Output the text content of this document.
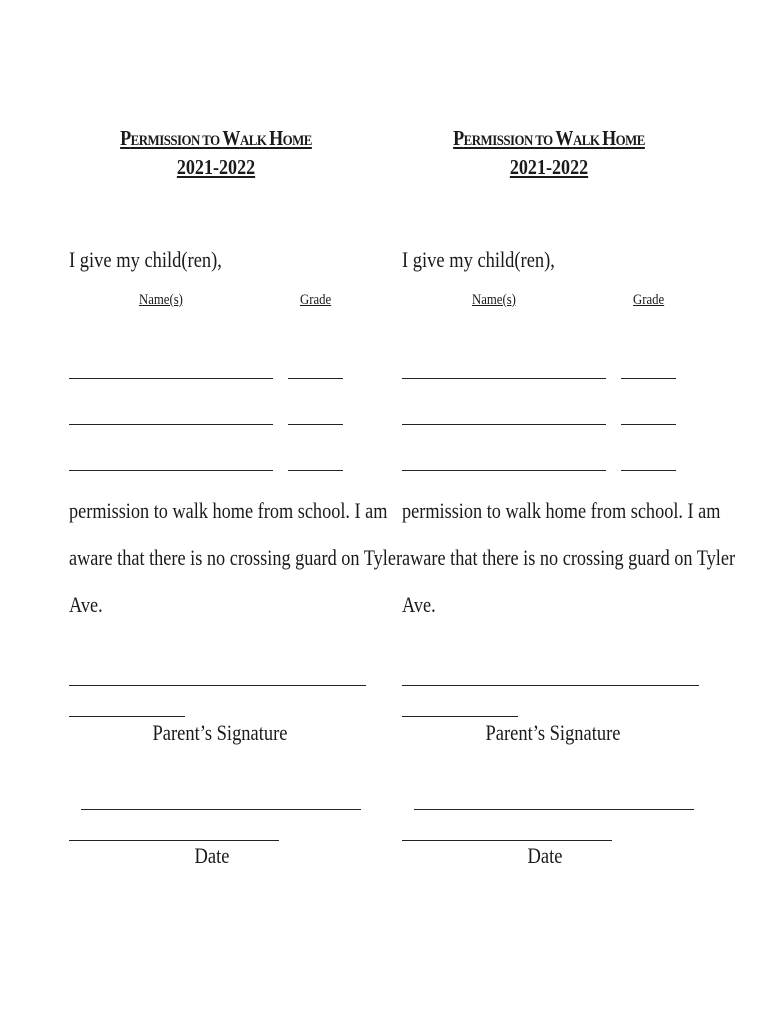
PERMISSION TO WALK HOME
2021-2022
I give my child(ren),
Name(s)	Grade
permission to walk home from school. I am
aware that there is no crossing guard on Tyler
Ave.
Parent’s Signature
Date
PERMISSION TO WALK HOME
2021-2022
I give my child(ren),
Name(s)	Grade
permission to walk home from school. I am
aware that there is no crossing guard on Tyler
Ave.
Parent’s Signature
Date
